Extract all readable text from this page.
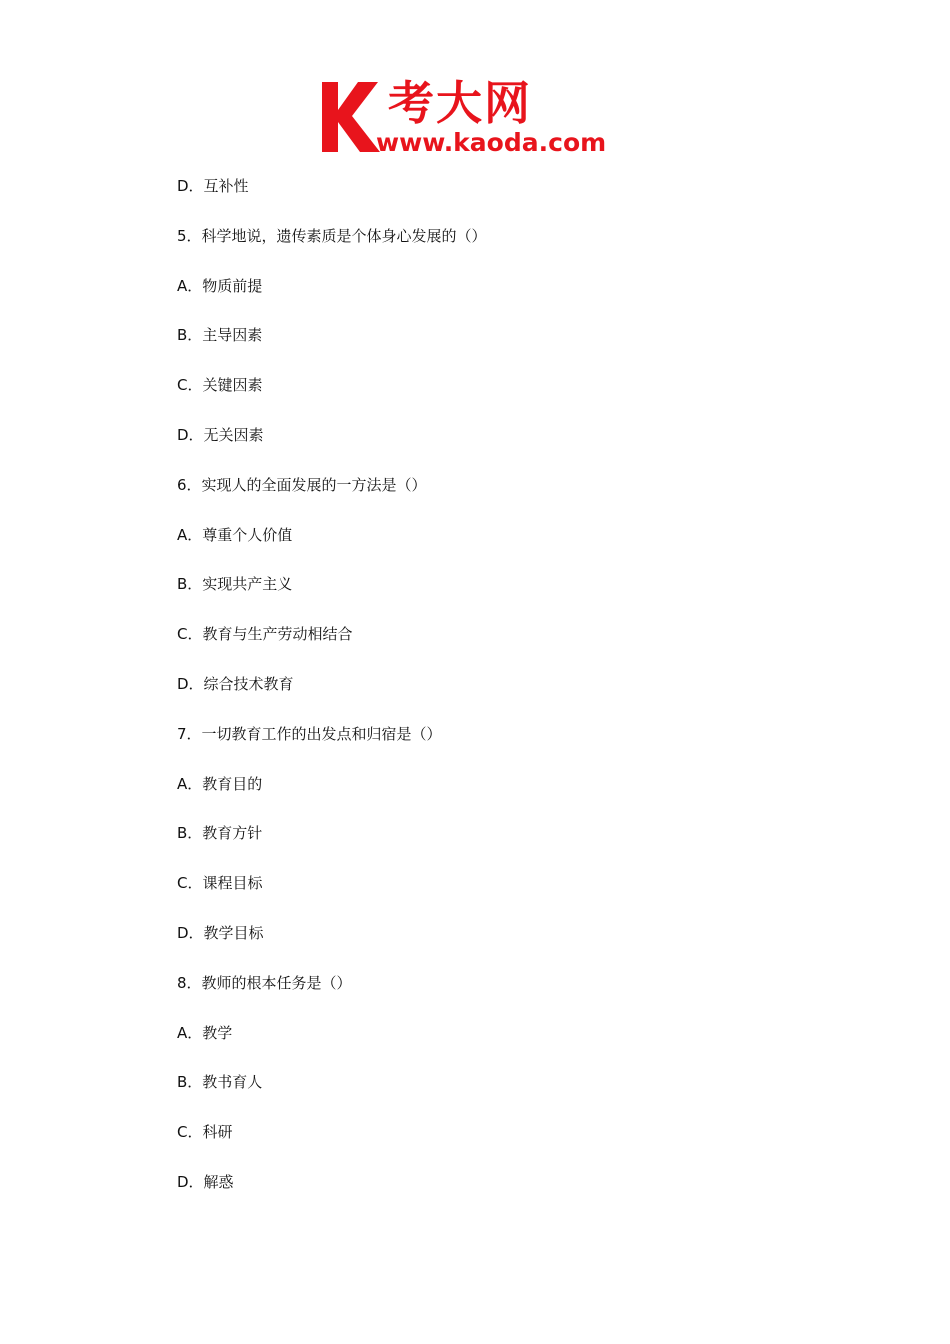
考大网
www.kaoda.com
D．互补性
5．科学地说，遗传素质是个体身心发展的（）
A．物质前提
B．主导因素
C．关键因素
D．无关因素
6．实现人的全面发展的一方法是（）
A．尊重个人价值
B．实现共产主义
C．教育与生产劳动相结合
D．综合技术教育
7．一切教育工作的出发点和归宿是（）
A．教育目的
B．教育方针
C．课程目标
D．教学目标
8．教师的根本任务是（）
A．教学
B．教书育人
C．科研
D．解惑
